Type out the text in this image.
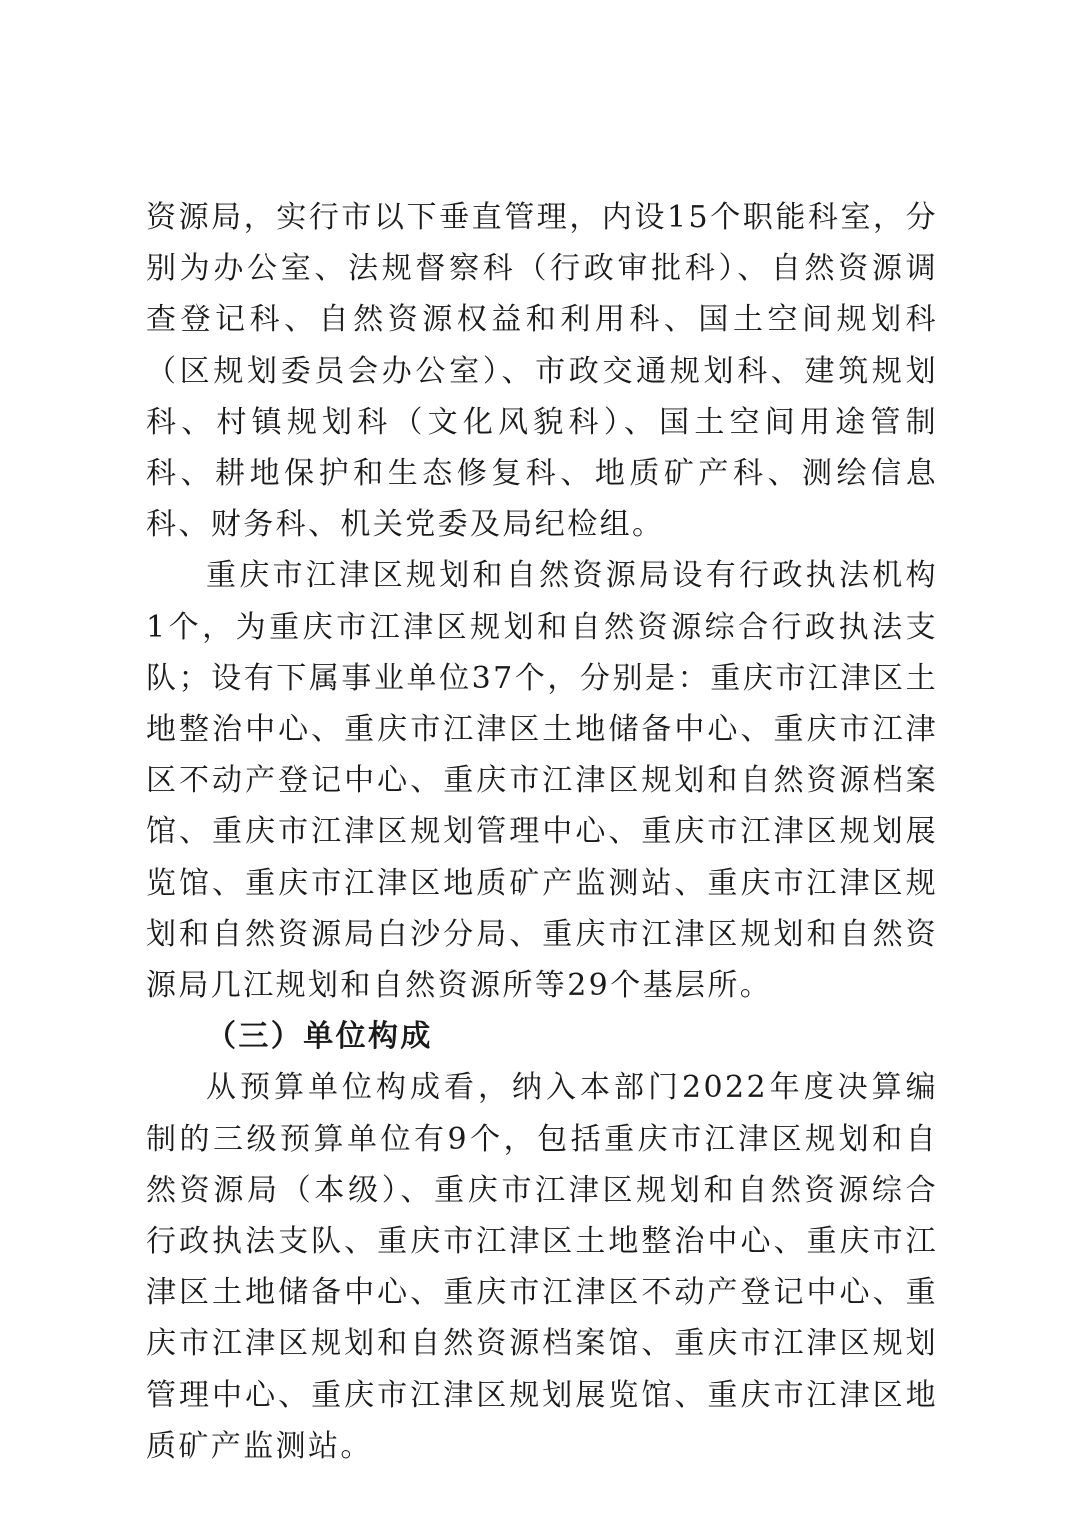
资源局，实行市以下垂直管理，内设15个职能科室，分别为办公室、法规督察科（行政审批科）、自然资源调查登记科、自然资源权益和利用科、国土空间规划科（区规划委员会办公室）、市政交通规划科、建筑规划科、村镇规划科（文化风貌科）、国土空间用途管制科、耕地保护和生态修复科、地质矿产科、测绘信息科、财务科、机关党委及局纪检组。

重庆市江津区规划和自然资源局设有行政执法机构1个，为重庆市江津区规划和自然资源综合行政执法支队；设有下属事业单位37个，分别是：重庆市江津区土地整治中心、重庆市江津区土地储备中心、重庆市江津区不动产登记中心、重庆市江津区规划和自然资源档案馆、重庆市江津区规划管理中心、重庆市江津区规划展览馆、重庆市江津区地质矿产监测站、重庆市江津区规划和自然资源局白沙分局、重庆市江津区规划和自然资源局几江规划和自然资源所等29个基层所。

（三）单位构成

从预算单位构成看，纳入本部门2022年度决算编制的三级预算单位有9个，包括重庆市江津区规划和自然资源局（本级）、重庆市江津区规划和自然资源综合行政执法支队、重庆市江津区土地整治中心、重庆市江津区土地储备中心、重庆市江津区不动产登记中心、重庆市江津区规划和自然资源档案馆、重庆市江津区规划管理中心、重庆市江津区规划展览馆、重庆市江津区地质矿产监测站。
